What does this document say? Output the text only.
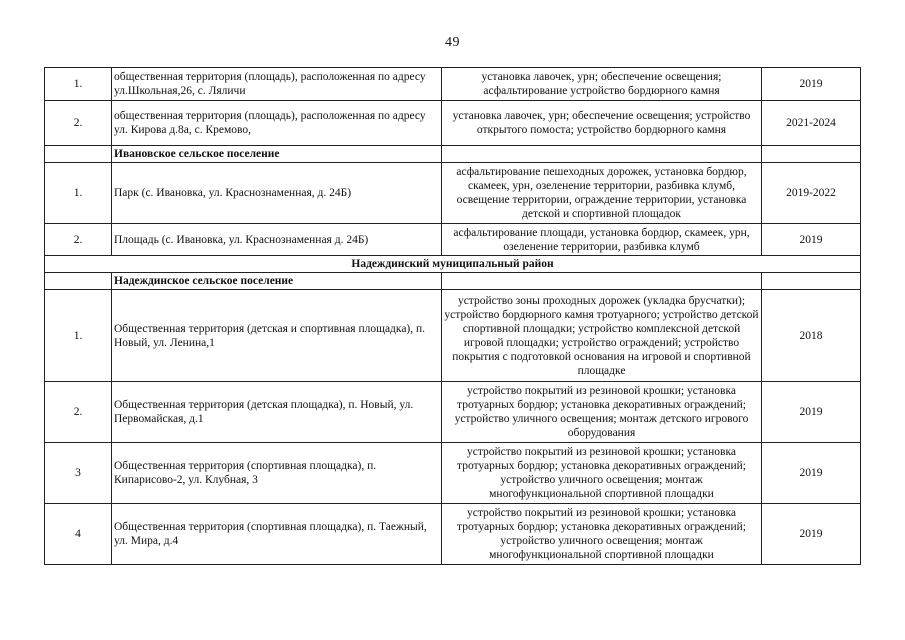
49
1.	общественная территория (площадь), расположенная по адресу ул.Школьная,26, с. Ляличи	установка лавочек, урн; обеспечение освещения; асфальтирование устройство бордюрного камня	2019
2.	общественная территория (площадь), расположенная по адресу ул. Кирова д.8а, с. Кремово,	установка лавочек, урн; обеспечение освещения; устройство открытого помоста; устройство бордюрного камня	2021-2024
	Ивановское сельское поселение		
1.	Парк (с. Ивановка, ул. Краснознаменная, д. 24Б)	асфальтирование пешеходных дорожек, установка бордюр, скамеек, урн, озеленение территории, разбивка клумб, освещение территории, ограждение территории, установка детской и спортивной площадок	2019-2022
2.	Площадь (с. Ивановка, ул. Краснознаменная д. 24Б)	асфальтирование площади, установка бордюр, скамеек, урн, озеленение территории, разбивка клумб	2019
Надеждинский муниципальный район			
	Надеждинское сельское поселение		
1.	Общественная территория (детская и спортивная площадка), п. Новый, ул. Ленина,1	устройство зоны проходных дорожек (укладка брусчатки); устройство бордюрного камня тротуарного; устройство детской спортивной площадки; устройство комплексной детской игровой площадки; устройство ограждений; устройство покрытия с подготовкой основания на игровой и спортивной площадке	2018
2.	Общественная территория (детская площадка), п. Новый, ул. Первомайская, д.1	устройство покрытий из резиновой крошки; установка тротуарных бордюр; установка декоративных ограждений; устройство уличного освещения; монтаж детского игрового оборудования	2019
3	Общественная территория (спортивная площадка), п. Кипарисово-2, ул. Клубная, 3	устройство покрытий из резиновой крошки; установка тротуарных бордюр; установка декоративных ограждений; устройство уличного освещения; монтаж многофункциональной спортивной площадки	2019
4	Общественная территория (спортивная площадка), п. Таежный, ул. Мира, д.4	устройство покрытий из резиновой крошки; установка тротуарных бордюр; установка декоративных ограждений; устройство уличного освещения; монтаж многофункциональной спортивной площадки	2019
